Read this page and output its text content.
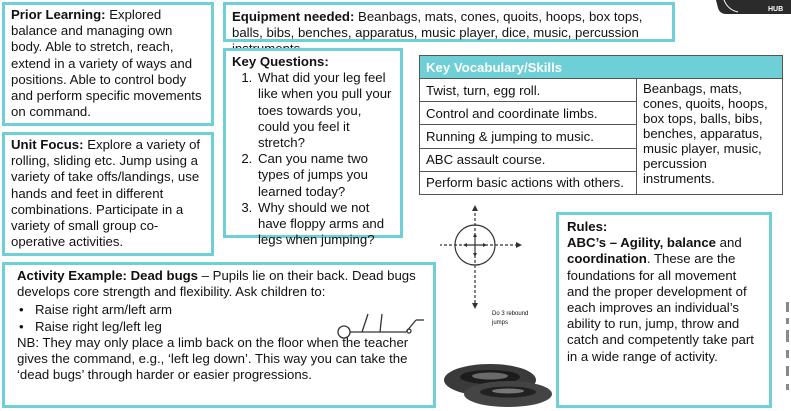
Prior Learning: Explored balance and managing own body. Able to stretch, reach, extend in a variety of ways and positions. Able to control body and perform specific movements on command.
Unit Focus: Explore a variety of rolling, sliding etc. Jump using a variety of take offs/landings, use hands and feet in different combinations. Participate in a variety of small group co-operative activities.
Equipment needed: Beanbags, mats, cones, quoits, hoops, box tops, balls, bibs, benches, apparatus, music player, dice, music, percussion
Key Questions:
1. What did your leg feel like when you pull your toes towards you, could you feel it stretch?
2. Can you name two types of jumps you learned today?
3. Why should we not have floppy arms and legs when jumping?
Key Vocabulary/Skills
Twist, turn, egg roll.	Beanbags, mats, cones, quoits, hoops, box tops, balls, bibs, benches, apparatus, music player, music, percussion instruments.
Control and coordinate limbs.
Running & jumping to music.
ABC assault course.
Perform basic actions with others.
Rules:
ABC’s – Agility, balance and coordination. These are the foundations for all movement and the proper development of each improves an individual’s ability to run, jump, throw and catch and competently take part in a wide range of activity.
Activity Example: Dead bugs – Pupils lie on their back. Dead bugs develops core strength and flexibility. Ask children to:
• Raise right arm/left arm
• Raise right leg/left leg
NB: They may only place a limb back on the floor when the teacher gives the command, e.g., ‘left leg down’. This way you can take the ‘dead bugs’ through harder or easier progressions.
HUB
Do 3 rebound
jumps
